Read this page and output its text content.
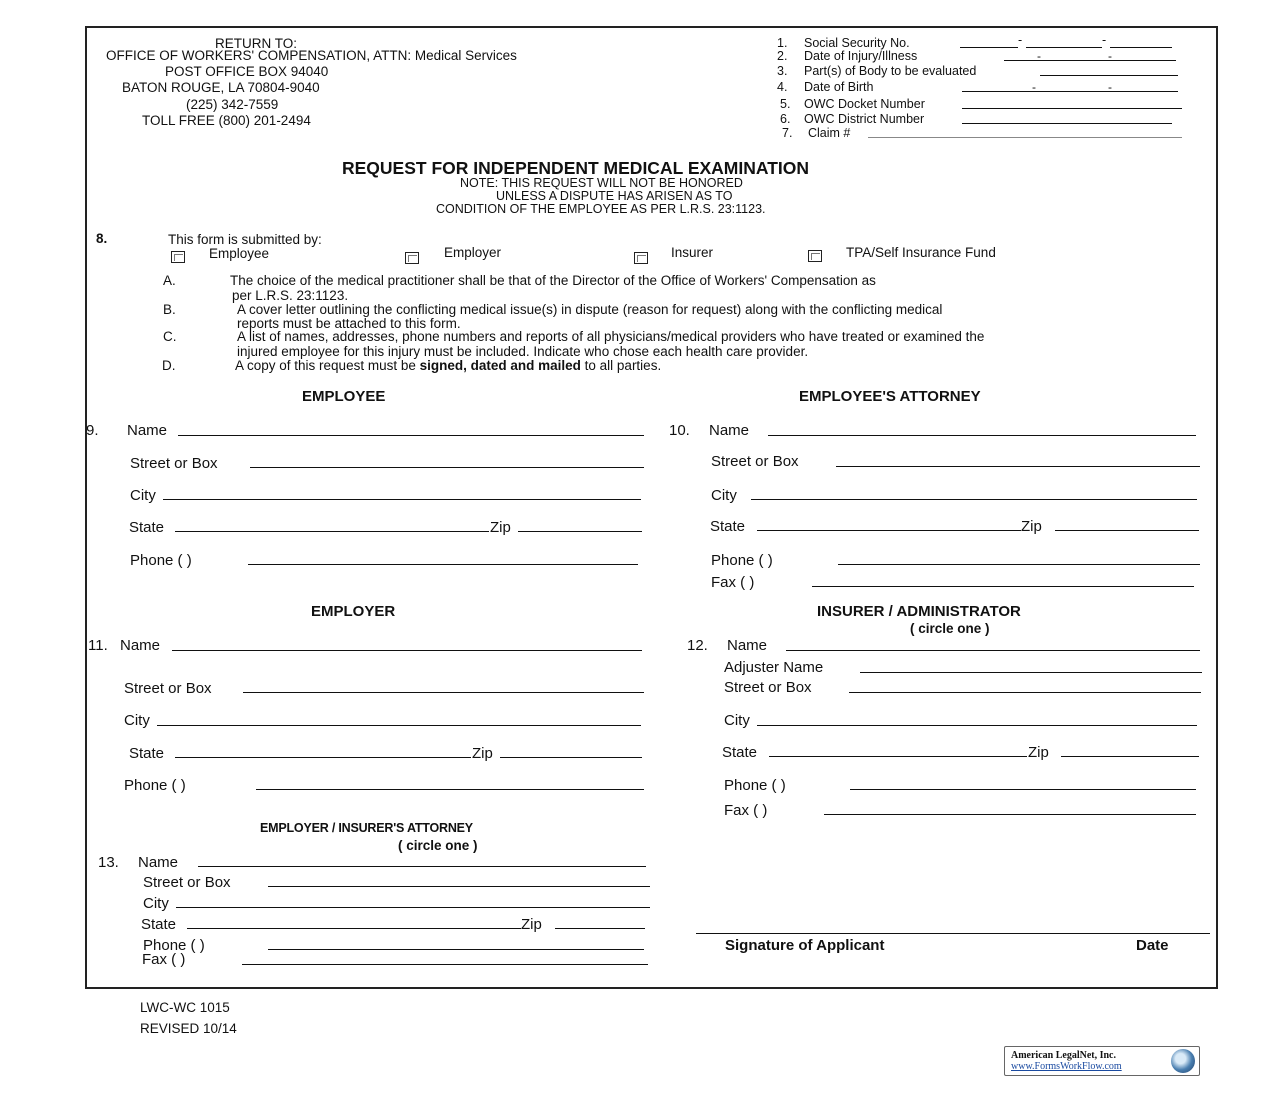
RETURN TO:
OFFICE OF WORKERS' COMPENSATION, ATTN: Medical Services
POST OFFICE BOX 94040
BATON ROUGE, LA 70804-9040
(225) 342-7559
TOLL FREE (800) 201-2494
1. Social Security No.	-	-
2. Date of Injury/Illness	-	-
3. Part(s) of Body to be evaluated
4. Date of Birth	-	-
5. OWC Docket Number
6. OWC District Number
7. Claim #
REQUEST FOR INDEPENDENT MEDICAL EXAMINATION
NOTE: THIS REQUEST WILL NOT BE HONORED
UNLESS A DISPUTE HAS ARISEN AS TO
CONDITION OF THE EMPLOYEE AS PER L.R.S. 23:1123.
8.	This form is submitted by:
Employee	Employer	Insurer	TPA/Self Insurance Fund
A.	The choice of the medical practitioner shall be that of the Director of the Office of Workers' Compensation as
per L.R.S. 23:1123.
B.	A cover letter outlining the conflicting medical issue(s) in dispute (reason for request) along with the conflicting medical
reports must be attached to this form.
C.	A list of names, addresses, phone numbers and reports of all physicians/medical providers who have treated or examined the
injured employee for this injury must be included. Indicate who chose each health care provider.
D.	A copy of this request must be signed, dated and mailed to all parties.
EMPLOYEE
9. Name
Street or Box
City
State	Zip
Phone ( )
EMPLOYEE'S ATTORNEY
10. Name
Street or Box
City
State	Zip
Phone ( )
Fax ( )
EMPLOYER
11. Name
Street or Box
City
State	Zip
Phone ( )
INSURER / ADMINISTRATOR
( circle one )
12. Name
Adjuster Name
Street or Box
City
State	Zip
Phone ( )
Fax ( )
EMPLOYER / INSURER'S ATTORNEY
( circle one )
13. Name
Street or Box
City
State	Zip
Phone ( )
Fax ( )
Signature of Applicant	Date
LWC-WC 1015
REVISED 10/14
American LegalNet, Inc.
www.FormsWorkFlow.com
